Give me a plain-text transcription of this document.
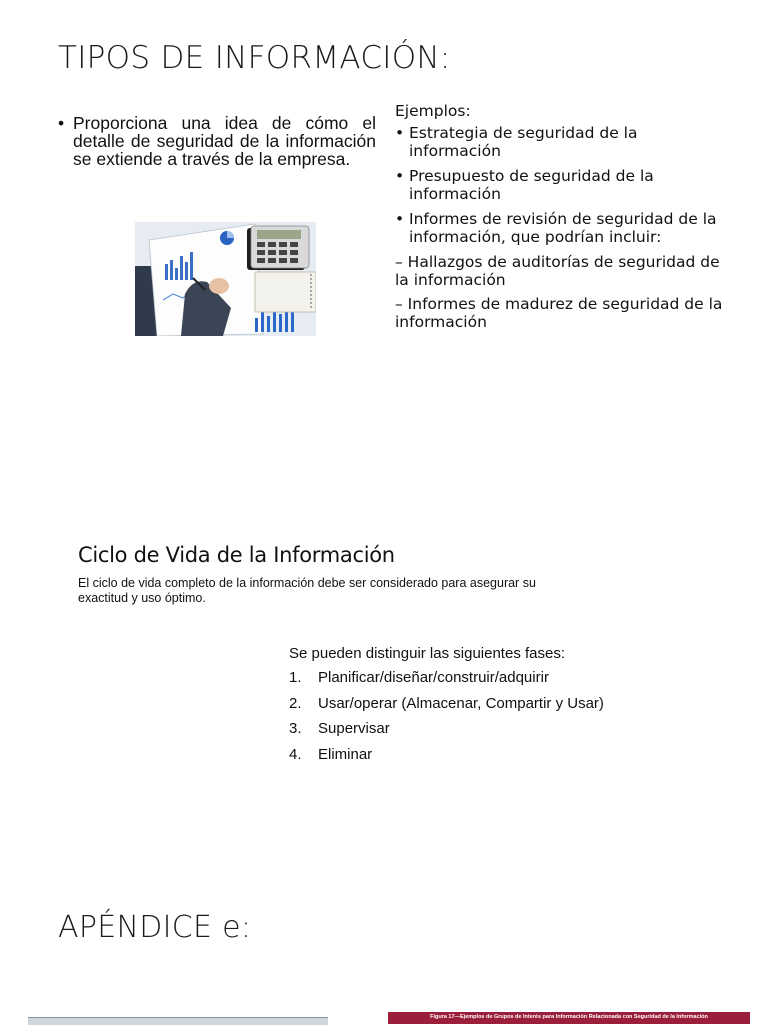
TIPOS DE INFORMACIÓN:
• Proporciona una idea de cómo el detalle de seguridad de la información se extiende a través de la empresa.
Ejemplos:
• Estrategia de seguridad de la información
• Presupuesto de seguridad de la información
• Informes de revisión de seguridad de la información, que podrían incluir:
– Hallazgos de auditorías de seguridad de la información
– Informes de madurez de seguridad de la información
Ciclo de Vida de la Información
El ciclo de vida completo de la información debe ser considerado para asegurar su exactitud y uso óptimo.
Se pueden distinguir las siguientes fases:
1. Planificar/diseñar/construir/adquirir
2. Usar/operar (Almacenar, Compartir y Usar)
3. Supervisar
4. Eliminar
APÉNDICE e:
Figura 17—Ejemplos de Grupos de Interés para Información Relacionada con Seguridad de la Información
